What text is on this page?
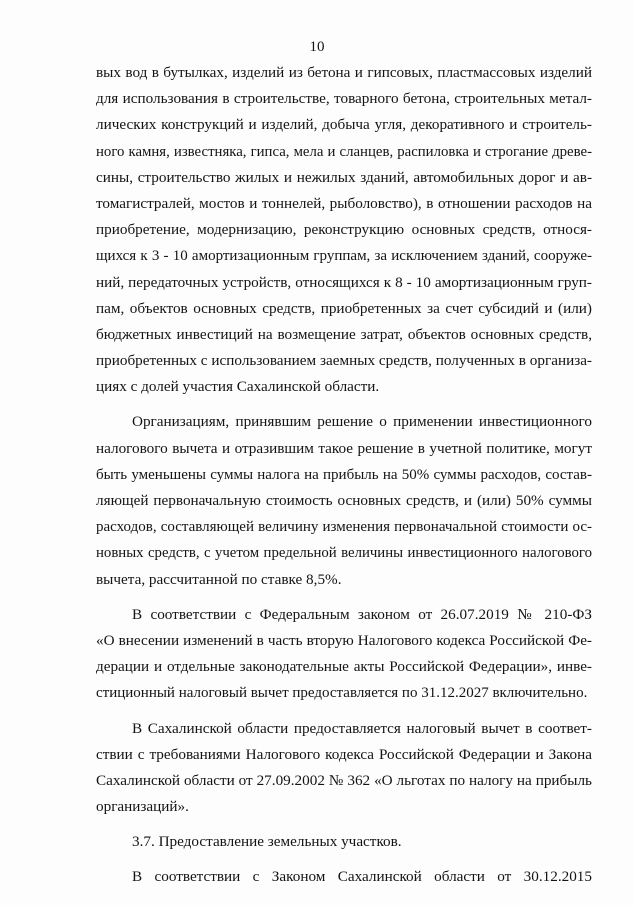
10
вых вод в бутылках, изделий из бетона и гипсовых, пластмассовых изделий
для использования в строительстве, товарного бетона, строительных метал-
лических конструкций и изделий, добыча угля, декоративного и строитель-
ного камня, известняка, гипса, мела и сланцев, распиловка и строгание древе-
сины, строительство жилых и нежилых зданий, автомобильных дорог и ав-
томагистралей, мостов и тоннелей, рыболовство), в отношении расходов на
приобретение, модернизацию, реконструкцию основных средств, относя-
щихся к 3 - 10 амортизационным группам, за исключением зданий, сооруже-
ний, передаточных устройств, относящихся к 8 - 10 амортизационным груп-
пам, объектов основных средств, приобретенных за счет субсидий и (или)
бюджетных инвестиций на возмещение затрат, объектов основных средств,
приобретенных с использованием заемных средств, полученных в организа-
циях с долей участия Сахалинской области.
Организациям, принявшим решение о применении инвестиционного
налогового вычета и отразившим такое решение в учетной политике, могут
быть уменьшены суммы налога на прибыль на 50% суммы расходов, состав-
ляющей первоначальную стоимость основных средств, и (или) 50% суммы
расходов, составляющей величину изменения первоначальной стоимости ос-
новных средств, с учетом предельной величины инвестиционного налогового
вычета, рассчитанной по ставке 8,5%.
В соответствии с Федеральным законом от 26.07.2019 № 210-ФЗ
«О внесении изменений в часть вторую Налогового кодекса Российской Фе-
дерации и отдельные законодательные акты Российской Федерации», инве-
стиционный налоговый вычет предоставляется по 31.12.2027 включительно.
В Сахалинской области предоставляется налоговый вычет в соответ-
ствии с требованиями Налогового кодекса Российской Федерации и Закона
Сахалинской области от 27.09.2002 № 362 «О льготах по налогу на прибыль
организаций».
3.7. Предоставление земельных участков.
В соответствии с Законом Сахалинской области от 30.12.2015
